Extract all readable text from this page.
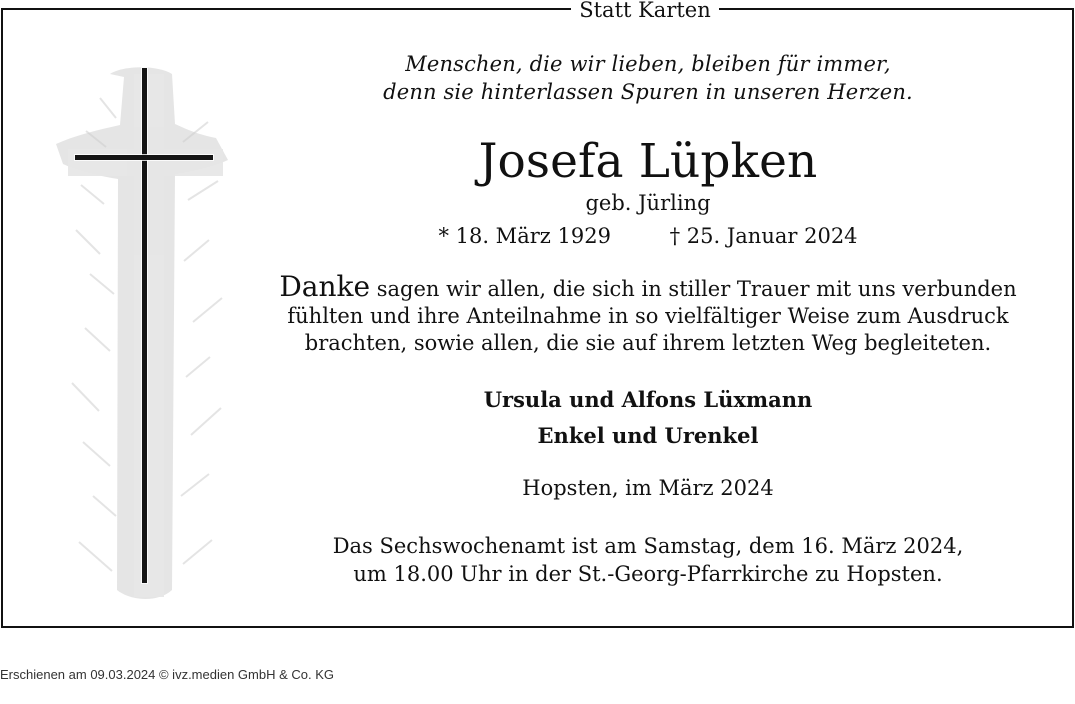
Statt Karten

Menschen, die wir lieben, bleiben für immer,
denn sie hinterlassen Spuren in unseren Herzen.

Josefa Lüpken
geb. Jürling
* 18. März 1929	† 25. Januar 2024
Danke sagen wir allen, die sich in stiller Trauer mit uns verbunden
fühlten und ihre Anteilnahme in so vielfältiger Weise zum Ausdruck
brachten, sowie allen, die sie auf ihrem letzten Weg begleiteten.
Ursula und Alfons Lüxmann
Enkel und Urenkel
Hopsten, im März 2024
Das Sechswochenamt ist am Samstag, dem 16. März 2024,
um 18.00 Uhr in der St.-Georg-Pfarrkirche zu Hopsten.
Erschienen am 09.03.2024 © ivz.medien GmbH & Co. KG
